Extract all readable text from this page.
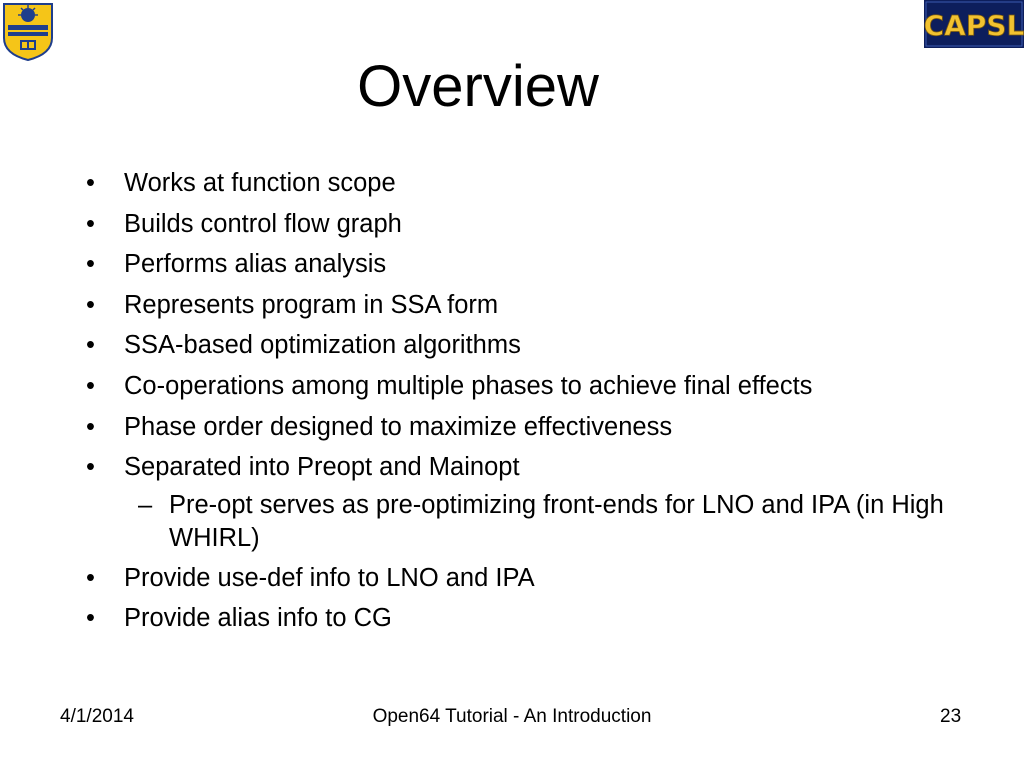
CAPSL
Overview
• Works at function scope
• Builds control flow graph
• Performs alias analysis
• Represents program in SSA form
• SSA-based optimization algorithms
• Co-operations among multiple phases to achieve final effects
• Phase order designed to maximize effectiveness
• Separated into Preopt and Mainopt
– Pre-opt serves as pre-optimizing front-ends for LNO and IPA (in High WHIRL)
• Provide use-def info to LNO and IPA
• Provide alias info to CG
4/1/2014	Open64 Tutorial - An Introduction	23
